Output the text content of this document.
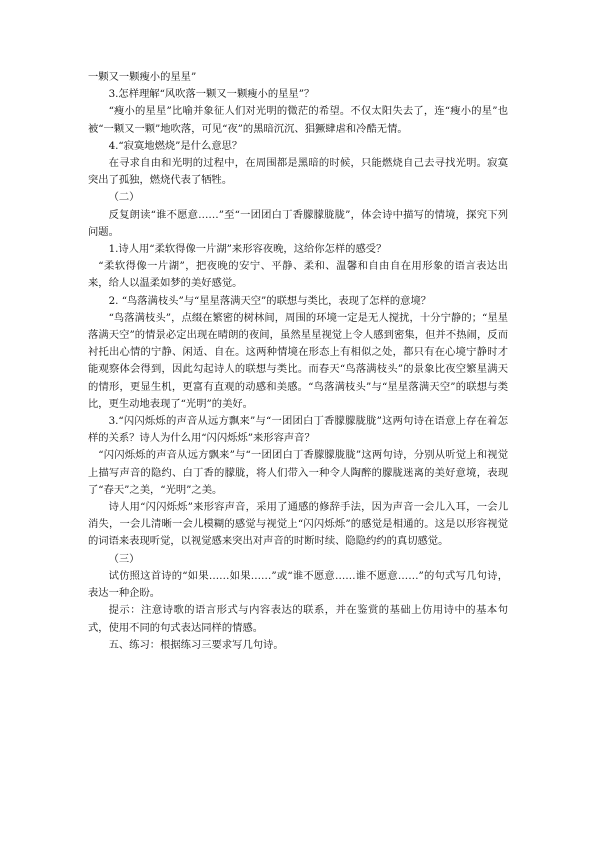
一颗又一颗瘦小的星星”

3.怎样理解“风吹落一颗又一颗瘦小的星星”？

“瘦小的星星”比喻并象征人们对光明的微茫的希望。不仅太阳失去了，连“瘦小的星”也被“一颗又一颗”地吹落，可见“夜”的黑暗沉沉、猖獗肆虐和冷酷无情。

4.“寂寞地燃烧”是什么意思？

在寻求自由和光明的过程中，在周围都是黑暗的时候，只能燃烧自己去寻找光明。寂寞突出了孤独，燃烧代表了牺牲。

（二）

反复朗读“谁不愿意……”至“一团团白丁香朦朦胧胧”，体会诗中描写的情境，探究下列问题。

1.诗人用“柔软得像一片湖”来形容夜晚，这给你怎样的感受？

“柔软得像一片湖”，把夜晚的安宁、平静、柔和、温馨和自由自在用形象的语言表达出来，给人以温柔如梦的美好感觉。

2. “鸟落满枝头”与“星星落满天空”的联想与类比，表现了怎样的意境？

“鸟落满枝头”，点缀在繁密的树林间，周围的环境一定是无人搅扰，十分宁静的；“星星落满天空”的情景必定出现在晴朗的夜间，虽然星星视觉上令人感到密集，但并不热闹，反而衬托出心情的宁静、闲适、自在。这两种情境在形态上有相似之处，都只有在心境宁静时才能观察体会得到，因此勾起诗人的联想与类比。而春天“鸟落满枝头”的景象比夜空繁星满天的情形，更显生机，更富有直观的动感和美感。“鸟落满枝头”与“星星落满天空”的联想与类比，更生动地表现了“光明”的美好。

3.“闪闪烁烁的声音从远方飘来”与“一团团白丁香朦朦胧胧”这两句诗在语意上存在着怎样的关系？诗人为什么用“闪闪烁烁”来形容声音？

“闪闪烁烁的声音从远方飘来”与“一团团白丁香朦朦胧胧”这两句诗，分别从听觉上和视觉上描写声音的隐约、白丁香的朦胧，将人们带入一种令人陶醉的朦胧迷离的美好意境，表现了“春天”之美，“光明”之美。

诗人用“闪闪烁烁”来形容声音，采用了通感的修辞手法，因为声音一会儿入耳，一会儿消失，一会儿清晰一会儿模糊的感觉与视觉上“闪闪烁烁”的感觉是相通的。这是以形容视觉的词语来表现听觉，以视觉感来突出对声音的时断时续、隐隐约约的真切感觉。

（三）

试仿照这首诗的“如果……如果……”或“谁不愿意……谁不愿意……”的句式写几句诗，表达一种企盼。

提示：注意诗歌的语言形式与内容表达的联系，并在鉴赏的基础上仿用诗中的基本句式，使用不同的句式表达同样的情感。

五、练习：根据练习三要求写几句诗。
